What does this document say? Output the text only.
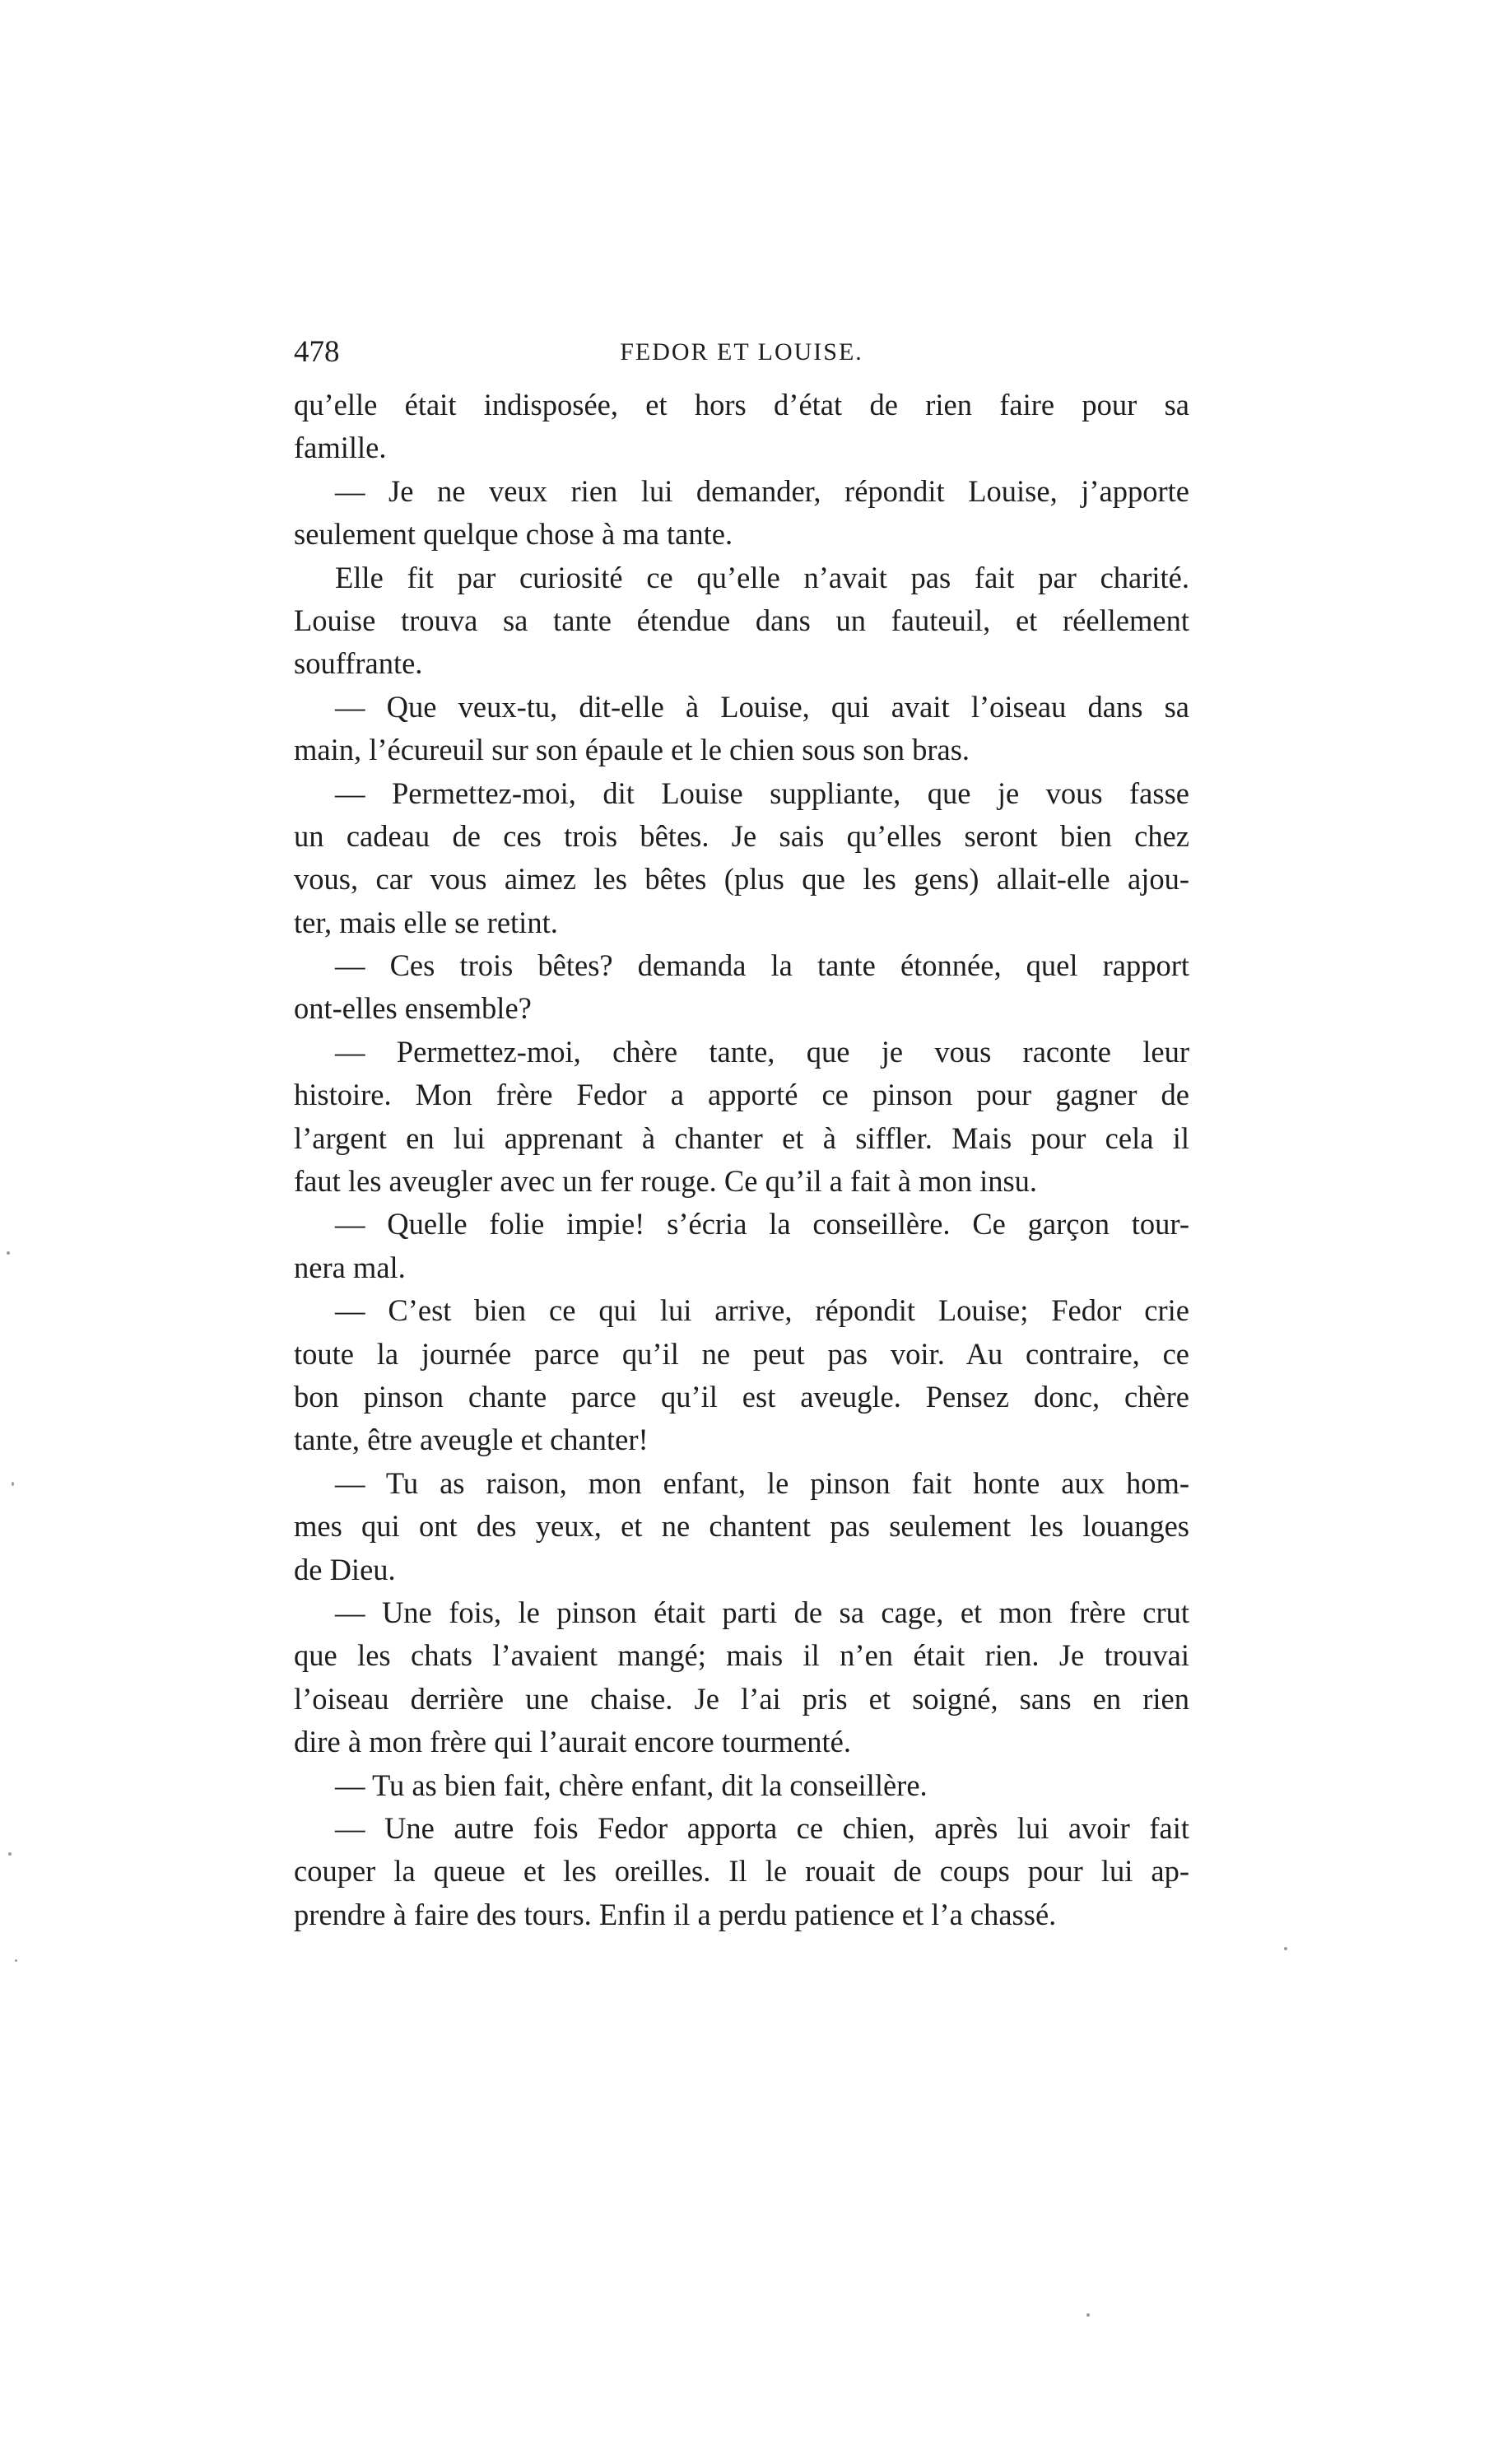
478	FEDOR ET LOUISE.
qu’elle était indisposée, et hors d’état de rien faire pour sa
famille.
— Je ne veux rien lui demander, répondit Louise, j’apporte
seulement quelque chose à ma tante.
Elle fit par curiosité ce qu’elle n’avait pas fait par charité.
Louise trouva sa tante étendue dans un fauteuil, et réellement
souffrante.
— Que veux-tu, dit-elle à Louise, qui avait l’oiseau dans sa
main, l’écureuil sur son épaule et le chien sous son bras.
— Permettez-moi, dit Louise suppliante, que je vous fasse
un cadeau de ces trois bêtes. Je sais qu’elles seront bien chez
vous, car vous aimez les bêtes (plus que les gens) allait-elle ajou-
ter, mais elle se retint.
— Ces trois bêtes? demanda la tante étonnée, quel rapport
ont-elles ensemble?
— Permettez-moi, chère tante, que je vous raconte leur
histoire. Mon frère Fedor a apporté ce pinson pour gagner de
l’argent en lui apprenant à chanter et à siffler. Mais pour cela il
faut les aveugler avec un fer rouge. Ce qu’il a fait à mon insu.
— Quelle folie impie! s’écria la conseillère. Ce garçon tour-
nera mal.
— C’est bien ce qui lui arrive, répondit Louise; Fedor crie
toute la journée parce qu’il ne peut pas voir. Au contraire, ce
bon pinson chante parce qu’il est aveugle. Pensez donc, chère
tante, être aveugle et chanter!
— Tu as raison, mon enfant, le pinson fait honte aux hom-
mes qui ont des yeux, et ne chantent pas seulement les louanges
de Dieu.
— Une fois, le pinson était parti de sa cage, et mon frère crut
que les chats l’avaient mangé; mais il n’en était rien. Je trouvai
l’oiseau derrière une chaise. Je l’ai pris et soigné, sans en rien
dire à mon frère qui l’aurait encore tourmenté.
— Tu as bien fait, chère enfant, dit la conseillère.
— Une autre fois Fedor apporta ce chien, après lui avoir fait
couper la queue et les oreilles. Il le rouait de coups pour lui ap-
prendre à faire des tours. Enfin il a perdu patience et l’a chassé.
